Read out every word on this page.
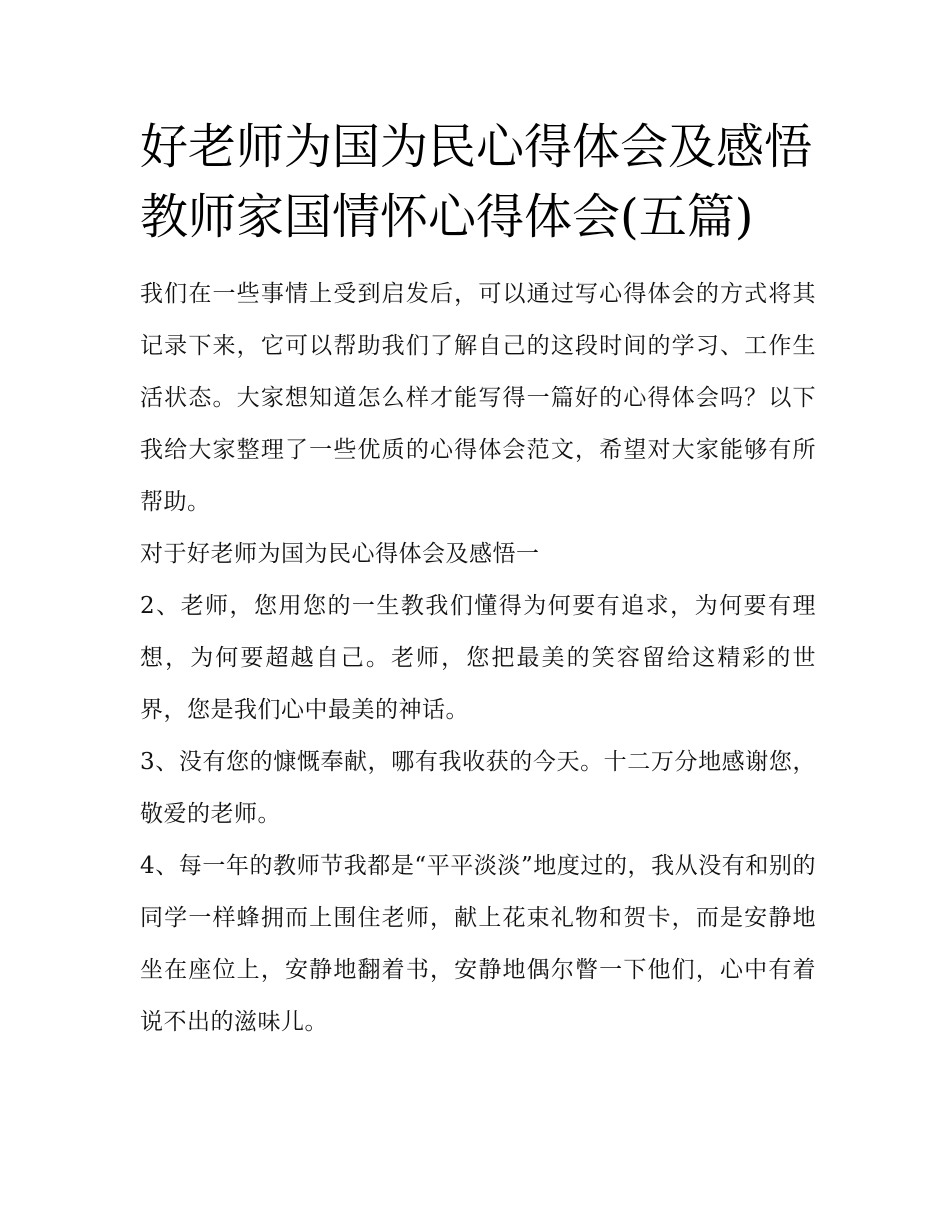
好老师为国为民心得体会及感悟 教师家国情怀心得体会(五篇)

我们在一些事情上受到启发后，可以通过写心得体会的方式将其记录下来，它可以帮助我们了解自己的这段时间的学习、工作生活状态。大家想知道怎么样才能写得一篇好的心得体会吗？以下我给大家整理了一些优质的心得体会范文，希望对大家能够有所帮助。

对于好老师为国为民心得体会及感悟一

2、老师，您用您的一生教我们懂得为何要有追求，为何要有理想，为何要超越自己。老师，您把最美的笑容留给这精彩的世界，您是我们心中最美的神话。

3、没有您的慷慨奉献，哪有我收获的今天。十二万分地感谢您，敬爱的老师。

4、每一年的教师节我都是“平平淡淡”地度过的，我从没有和别的同学一样蜂拥而上围住老师，献上花束礼物和贺卡，而是安静地坐在座位上，安静地翻着书，安静地偶尔瞥一下他们，心中有着说不出的滋味儿。
